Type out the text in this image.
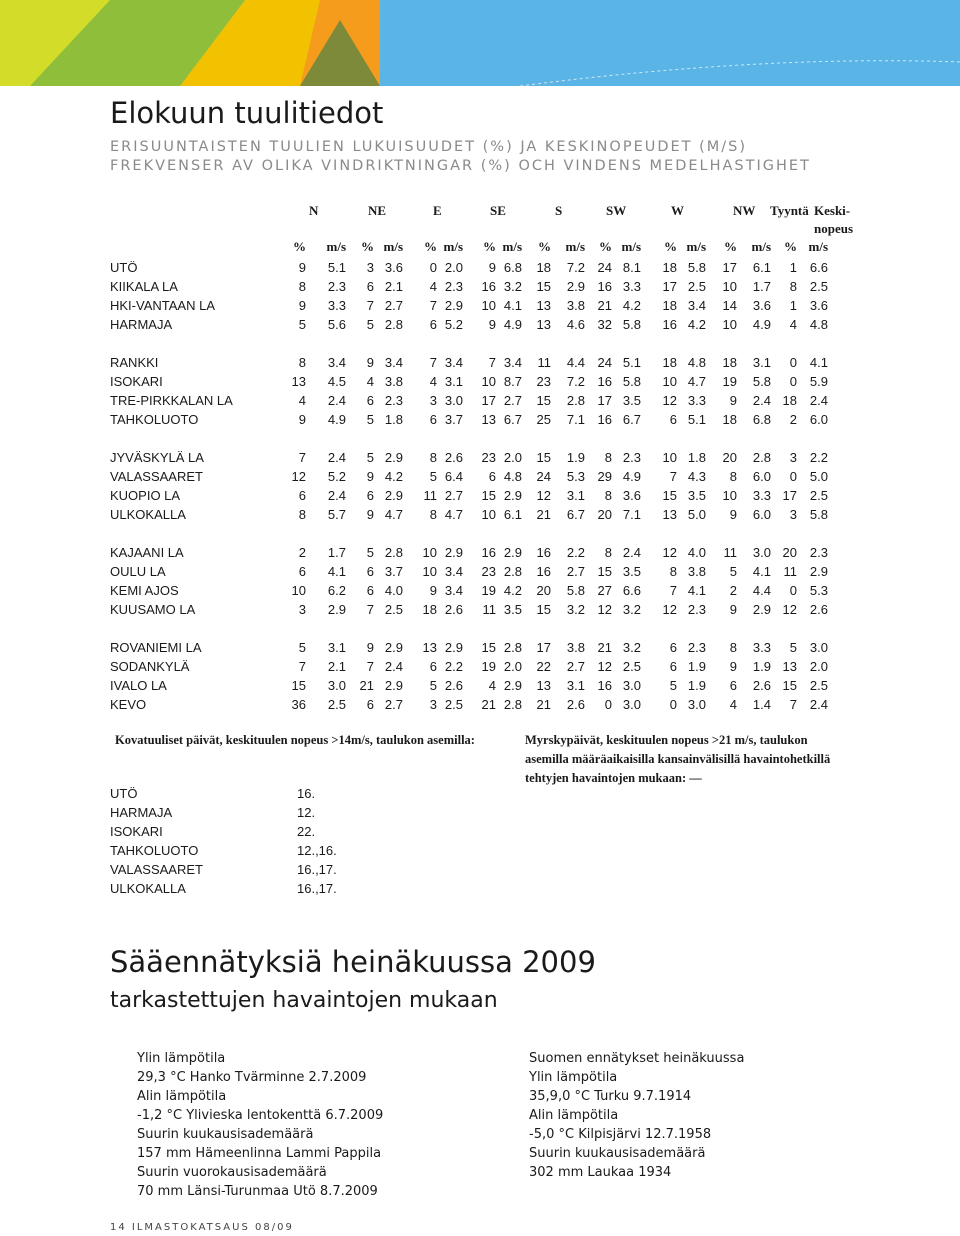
Elokuun tuulitiedot

ERISUUNTAISTEN TUULIEN LUKUISUUDET (%) JA KESKINOPEUDET (M/S)

FREKVENSER AV OLIKA VINDRIKTNINGAR (%) OCH VINDENS MEDELHASTIGHET

N	NE	E	SE	S	SW	W	NW Tyyntä Keski-
nopeus
% m/s % m/s % m/s % m/s % m/s % m/s % m/s % m/s % m/s
UTÖ	9 5.1 3 3.6 0 2.0 9 6.8 18 7.2 24 8.1 18 5.8 17 6.1 1 6.6
KIIKALA LA	8 2.3 6 2.1 4 2.3 16 3.2 15 2.9 16 3.3 17 2.5 10 1.7 8 2.5
HKI-VANTAAN LA	9 3.3 7 2.7 7 2.9 10 4.1 13 3.8 21 4.2 18 3.4 14 3.6 1 3.6
HARMAJA	5 5.6 5 2.8 6 5.2 9 4.9 13 4.6 32 5.8 16 4.2 10 4.9 4 4.8
RANKKI	8 3.4 9 3.4 7 3.4 7 3.4 11 4.4 24 5.1 18 4.8 18 3.1 0 4.1
ISOKARI	13 4.5 4 3.8 4 3.1 10 8.7 23 7.2 16 5.8 10 4.7 19 5.8 0 5.9
TRE-PIRKKALAN LA	4 2.4 6 2.3 3 3.0 17 2.7 15 2.8 17 3.5 12 3.3 9 2.4 18 2.4
TAHKOLUOTO	9 4.9 5 1.8 6 3.7 13 6.7 25 7.1 16 6.7 6 5.1 18 6.8 2 6.0
JYVÄSKYLÄ LA	7 2.4 5 2.9 8 2.6 23 2.0 15 1.9 8 2.3 10 1.8 20 2.8 3 2.2
VALASSAARET	12 5.2 9 4.2 5 6.4 6 4.8 24 5.3 29 4.9 7 4.3 8 6.0 0 5.0
KUOPIO LA	6 2.4 6 2.9 11 2.7 15 2.9 12 3.1 8 3.6 15 3.5 10 3.3 17 2.5
ULKOKALLA	8 5.7 9 4.7 8 4.7 10 6.1 21 6.7 20 7.1 13 5.0 9 6.0 3 5.8
KAJAANI LA	2 1.7 5 2.8 10 2.9 16 2.9 16 2.2 8 2.4 12 4.0 11 3.0 20 2.3
OULU LA	6 4.1 6 3.7 10 3.4 23 2.8 16 2.7 15 3.5 8 3.8 5 4.1 11 2.9
KEMI AJOS	10 6.2 6 4.0 9 3.4 19 4.2 20 5.8 27 6.6 7 4.1 2 4.4 0 5.3
KUUSAMO LA	3 2.9 7 2.5 18 2.6 11 3.5 15 3.2 12 3.2 12 2.3 9 2.9 12 2.6
ROVANIEMI LA	5 3.1 9 2.9 13 2.9 15 2.8 17 3.8 21 3.2 6 2.3 8 3.3 5 3.0
SODANKYLÄ	7 2.1 7 2.4 6 2.2 19 2.0 22 2.7 12 2.5 6 1.9 9 1.9 13 2.0
IVALO LA	15 3.0 21 2.9 5 2.6 4 2.9 13 3.1 16 3.0 5 1.9 6 2.6 15 2.5
KEVO	36 2.5 6 2.7 3 2.5 21 2.8 21 2.6 0 3.0 0 3.0 4 1.4 7 2.4

Kovatuuliset päivät, keskituulen nopeus >14m/s, taulukon asemilla:	Myrskypäivät, keskituulen nopeus >21 m/s, taulukon
asemilla määräaikaisilla kansainvälisillä havaintohetkillä
tehtyjen havaintojen mukaan: —
UTÖ	16.
HARMAJA	12.
ISOKARI	22.
TAHKOLUOTO	12.,16.
VALASSAARET	16.,17.
ULKOKALLA	16.,17.
Sääennätyksiä heinäkuussa 2009
tarkastettujen havaintojen mukaan
Ylin lämpötila
29,3 °C Hanko Tvärminne 2.7.2009
Alin lämpötila
-1,2 °C Ylivieska lentokenttä 6.7.2009
Suurin kuukausisademäärä
157 mm Hämeenlinna Lammi Pappila
Suurin vuorokausisademäärä
70 mm Länsi-Turunmaa Utö 8.7.2009
Suomen ennätykset heinäkuussa
Ylin lämpötila
35,9,0 °C Turku 9.7.1914
Alin lämpötila
-5,0 °C Kilpisjärvi 12.7.1958
Suurin kuukausisademäärä
302 mm Laukaa 1934
14 ILMASTOKATSAUS 08/09
